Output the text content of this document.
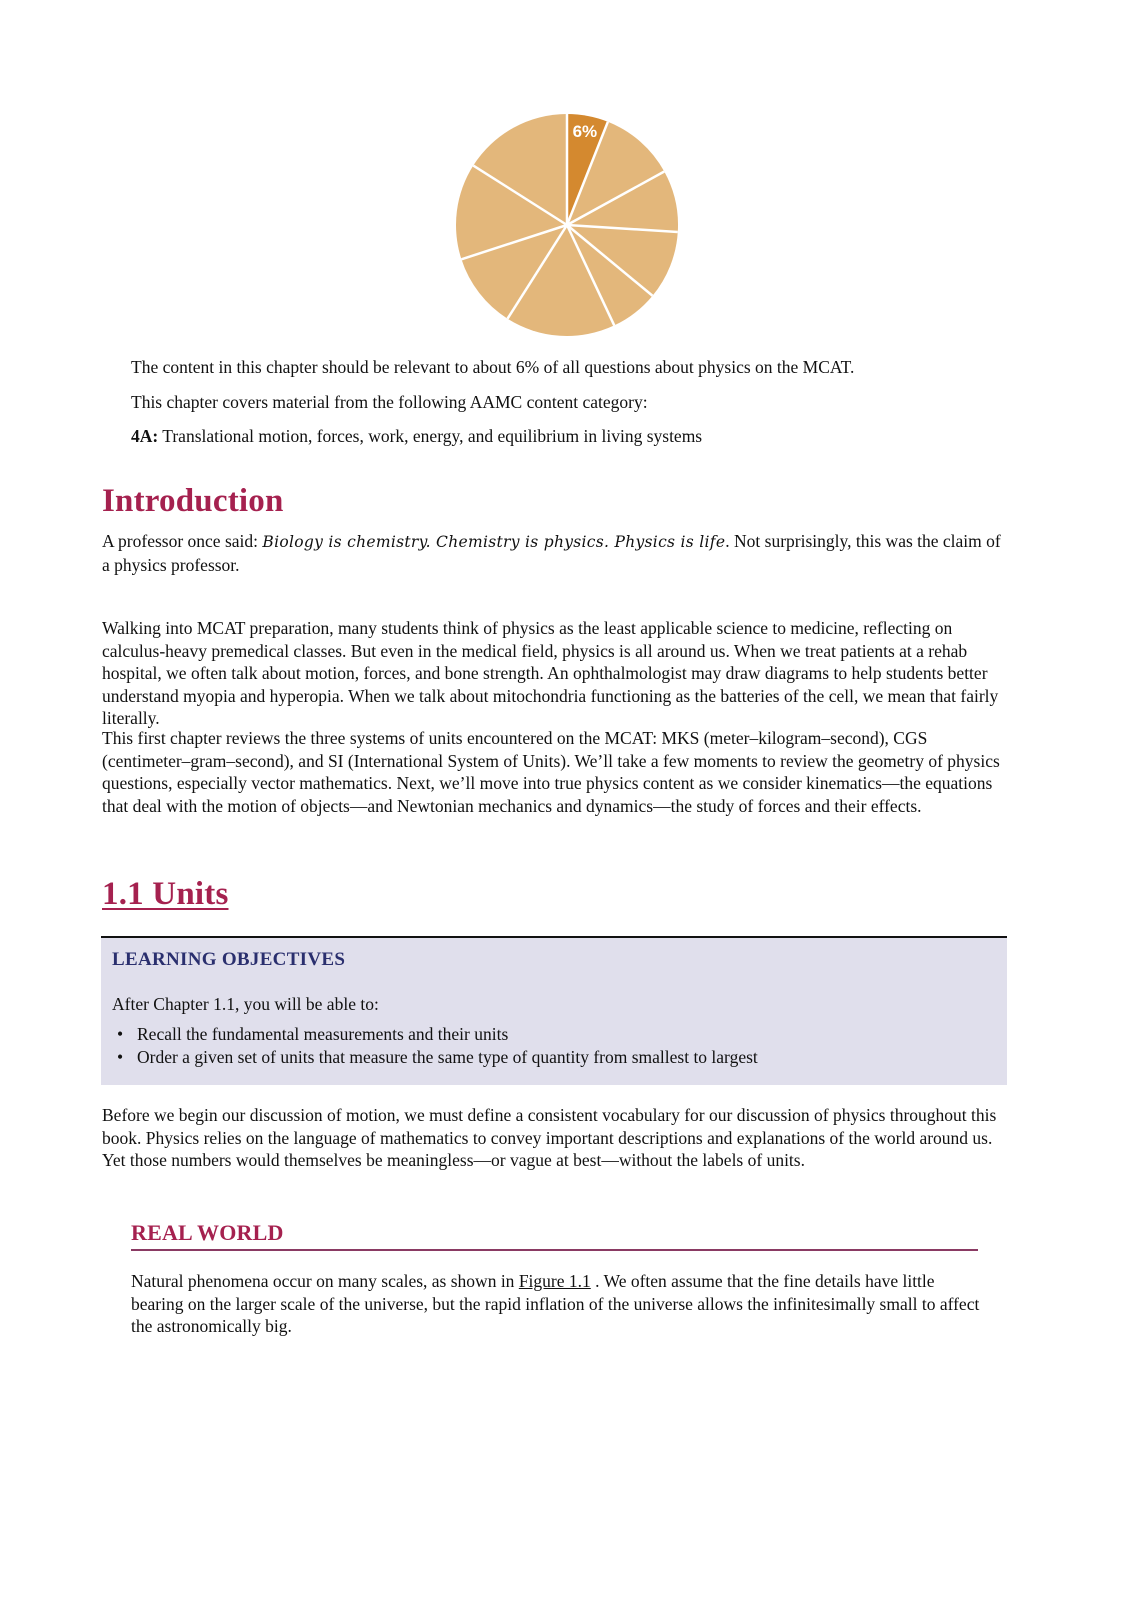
6%

The content in this chapter should be relevant to about 6% of all questions about physics on the MCAT.

This chapter covers material from the following AAMC content category:

4A: Translational motion, forces, work, energy, and equilibrium in living systems

Introduction

A professor once said: Biology is chemistry. Chemistry is physics. Physics is life. Not surprisingly, this was the claim of a physics professor.

Walking into MCAT preparation, many students think of physics as the least applicable science to medicine, reflecting on calculus-heavy premedical classes. But even in the medical field, physics is all around us. When we treat patients at a rehab hospital, we often talk about motion, forces, and bone strength. An ophthalmologist may draw diagrams to help students better understand myopia and hyperopia. When we talk about mitochondria functioning as the batteries of the cell, we mean that fairly literally.

This first chapter reviews the three systems of units encountered on the MCAT: MKS (meter–kilogram–second), CGS (centimeter–gram–second), and SI (International System of Units). We’ll take a few moments to review the geometry of physics questions, especially vector mathematics. Next, we’ll move into true physics content as we consider kinematics—the equations that deal with the motion of objects—and Newtonian mechanics and dynamics—the study of forces and their effects.

1.1 Units
LEARNING OBJECTIVES
After Chapter 1.1, you will be able to:
• Recall the fundamental measurements and their units
• Order a given set of units that measure the same type of quantity from smallest to largest

Before we begin our discussion of motion, we must define a consistent vocabulary for our discussion of physics throughout this book. Physics relies on the language of mathematics to convey important descriptions and explanations of the world around us. Yet those numbers would themselves be meaningless—or vague at best—without the labels of units.

REAL WORLD

Natural phenomena occur on many scales, as shown in Figure 1.1 . We often assume that the fine details have little bearing on the larger scale of the universe, but the rapid inflation of the universe allows the infinitesimally small to affect the astronomically big.
